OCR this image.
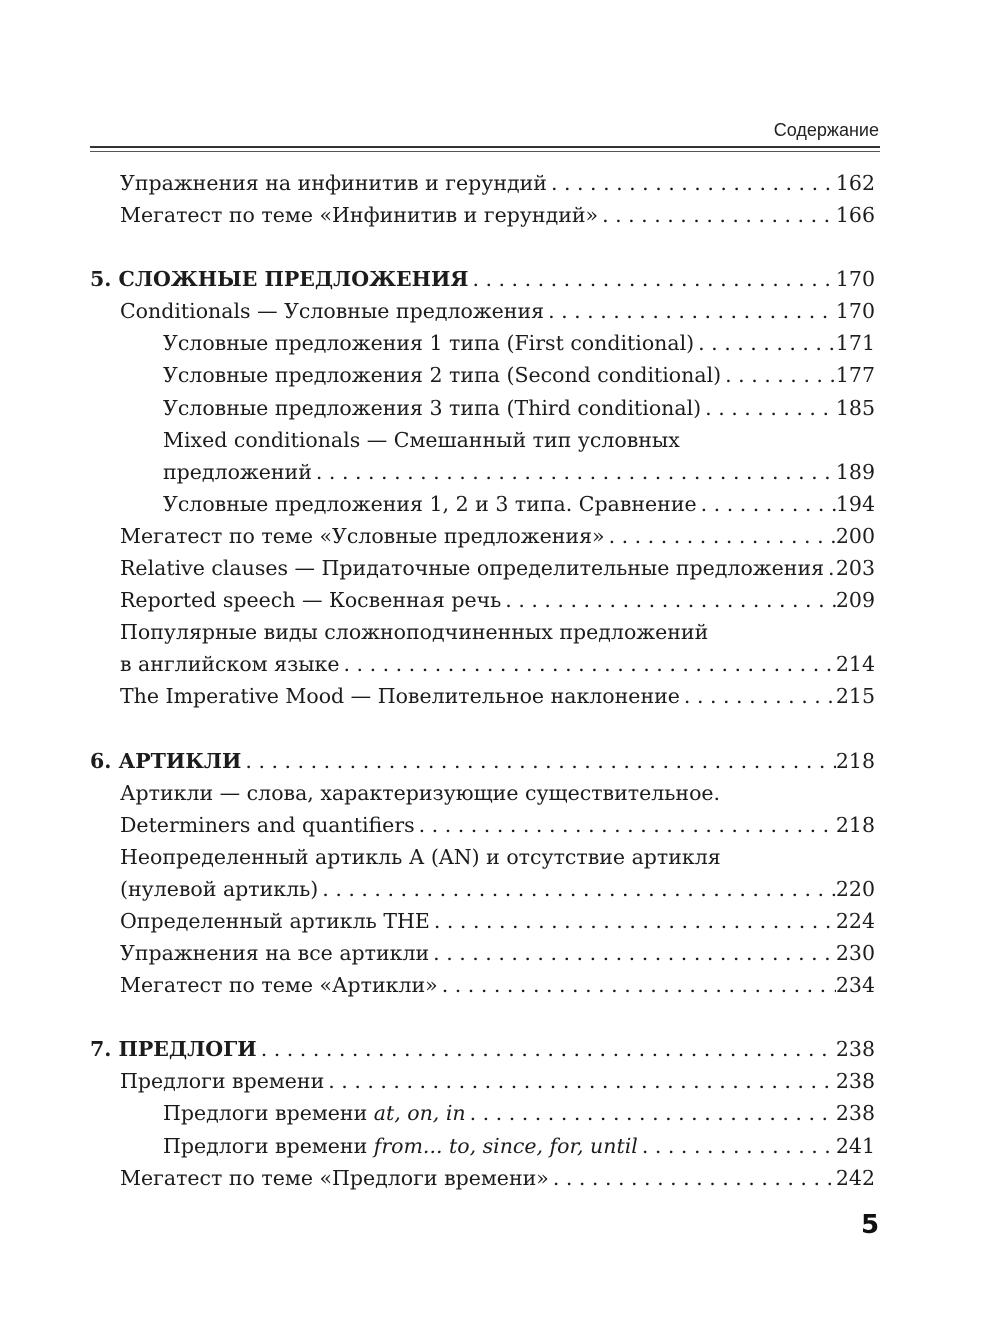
Содержание
Упражнения на инфинитив и герундий . . .	162
Мегатест по теме «Инфинитив и герундий» . . .	166
5. СЛОЖНЫЕ ПРЕДЛОЖЕНИЯ . . .	170
Conditionals — Условные предложения . . .	170
Условные предложения 1 типа (First conditional) . . .	171
Условные предложения 2 типа (Second conditional) . . .	177
Условные предложения 3 типа (Third conditional) . . .	185
Mixed conditionals — Смешанный тип условных
предложений . . .	189
Условные предложения 1, 2 и 3 типа. Сравнение . . .	194
Мегатест по теме «Условные предложения» . . .	200
Relative clauses — Придаточные определительные предложения . . . 203
Reported speech — Косвенная речь . . .	209
Популярные виды сложноподчиненных предложений
в английском языке . . .	214
The Imperative Mood — Повелительное наклонение . . .	215
6. АРТИКЛИ . . .	218
Артикли — слова, характеризующие существительное.
Determiners and quantifiers . . .	218
Неопределенный артикль А (AN) и отсутствие артикля
(нулевой артикль) . . .	220
Определенный артикль THE . . .	224
Упражнения на все артикли . . .	230
Мегатест по теме «Артикли» . . .	234
7. ПРЕДЛОГИ . . .	238
Предлоги времени . . .	238
Предлоги времени at, on, in . . .	238
Предлоги времени from... to, since, for, until . . .	241
Мегатест по теме «Предлоги времени» . . .	242
5
